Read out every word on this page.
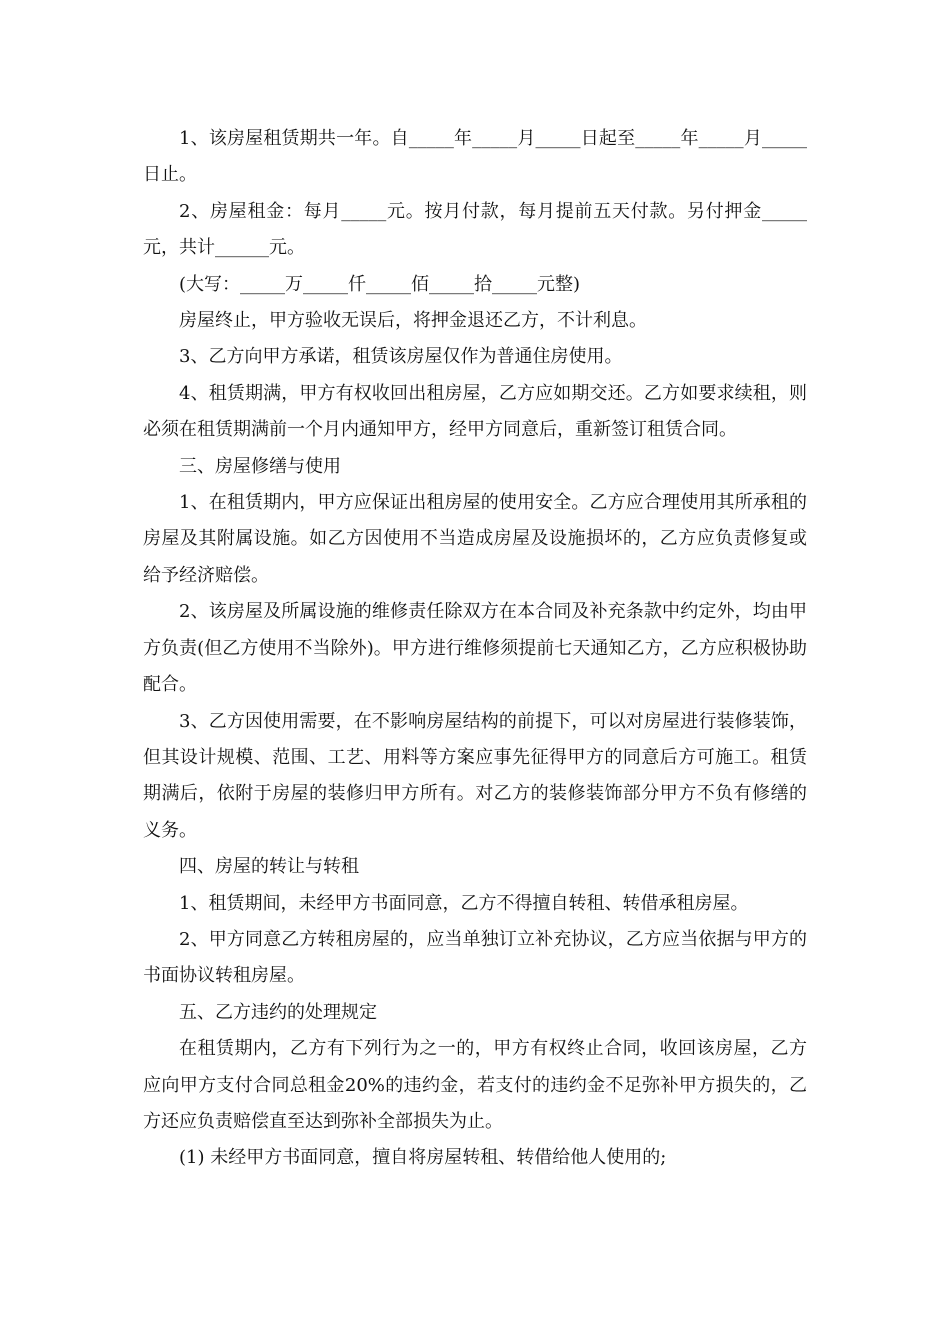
1、该房屋租赁期共一年。自_____年_____月_____日起至_____年_____月_____日止。

2、房屋租金：每月_____元。按月付款，每月提前五天付款。另付押金_____元，共计______元。

(大写：_____万_____仟_____佰_____拾_____元整)

房屋终止，甲方验收无误后，将押金退还乙方，不计利息。

3、乙方向甲方承诺，租赁该房屋仅作为普通住房使用。

4、租赁期满，甲方有权收回出租房屋，乙方应如期交还。乙方如要求续租，则必须在租赁期满前一个月内通知甲方，经甲方同意后，重新签订租赁合同。

三、房屋修缮与使用

1、在租赁期内，甲方应保证出租房屋的使用安全。乙方应合理使用其所承租的房屋及其附属设施。如乙方因使用不当造成房屋及设施损坏的，乙方应负责修复或给予经济赔偿。

2、该房屋及所属设施的维修责任除双方在本合同及补充条款中约定外，均由甲方负责(但乙方使用不当除外)。甲方进行维修须提前七天通知乙方，乙方应积极协助配合。

3、乙方因使用需要，在不影响房屋结构的前提下，可以对房屋进行装修装饰，但其设计规模、范围、工艺、用料等方案应事先征得甲方的同意后方可施工。租赁期满后，依附于房屋的装修归甲方所有。对乙方的装修装饰部分甲方不负有修缮的义务。

四、房屋的转让与转租

1、租赁期间，未经甲方书面同意，乙方不得擅自转租、转借承租房屋。

2、甲方同意乙方转租房屋的，应当单独订立补充协议，乙方应当依据与甲方的书面协议转租房屋。

五、乙方违约的处理规定

在租赁期内，乙方有下列行为之一的，甲方有权终止合同，收回该房屋，乙方应向甲方支付合同总租金20%的违约金，若支付的违约金不足弥补甲方损失的，乙方还应负责赔偿直至达到弥补全部损失为止。

(1) 未经甲方书面同意，擅自将房屋转租、转借给他人使用的;
